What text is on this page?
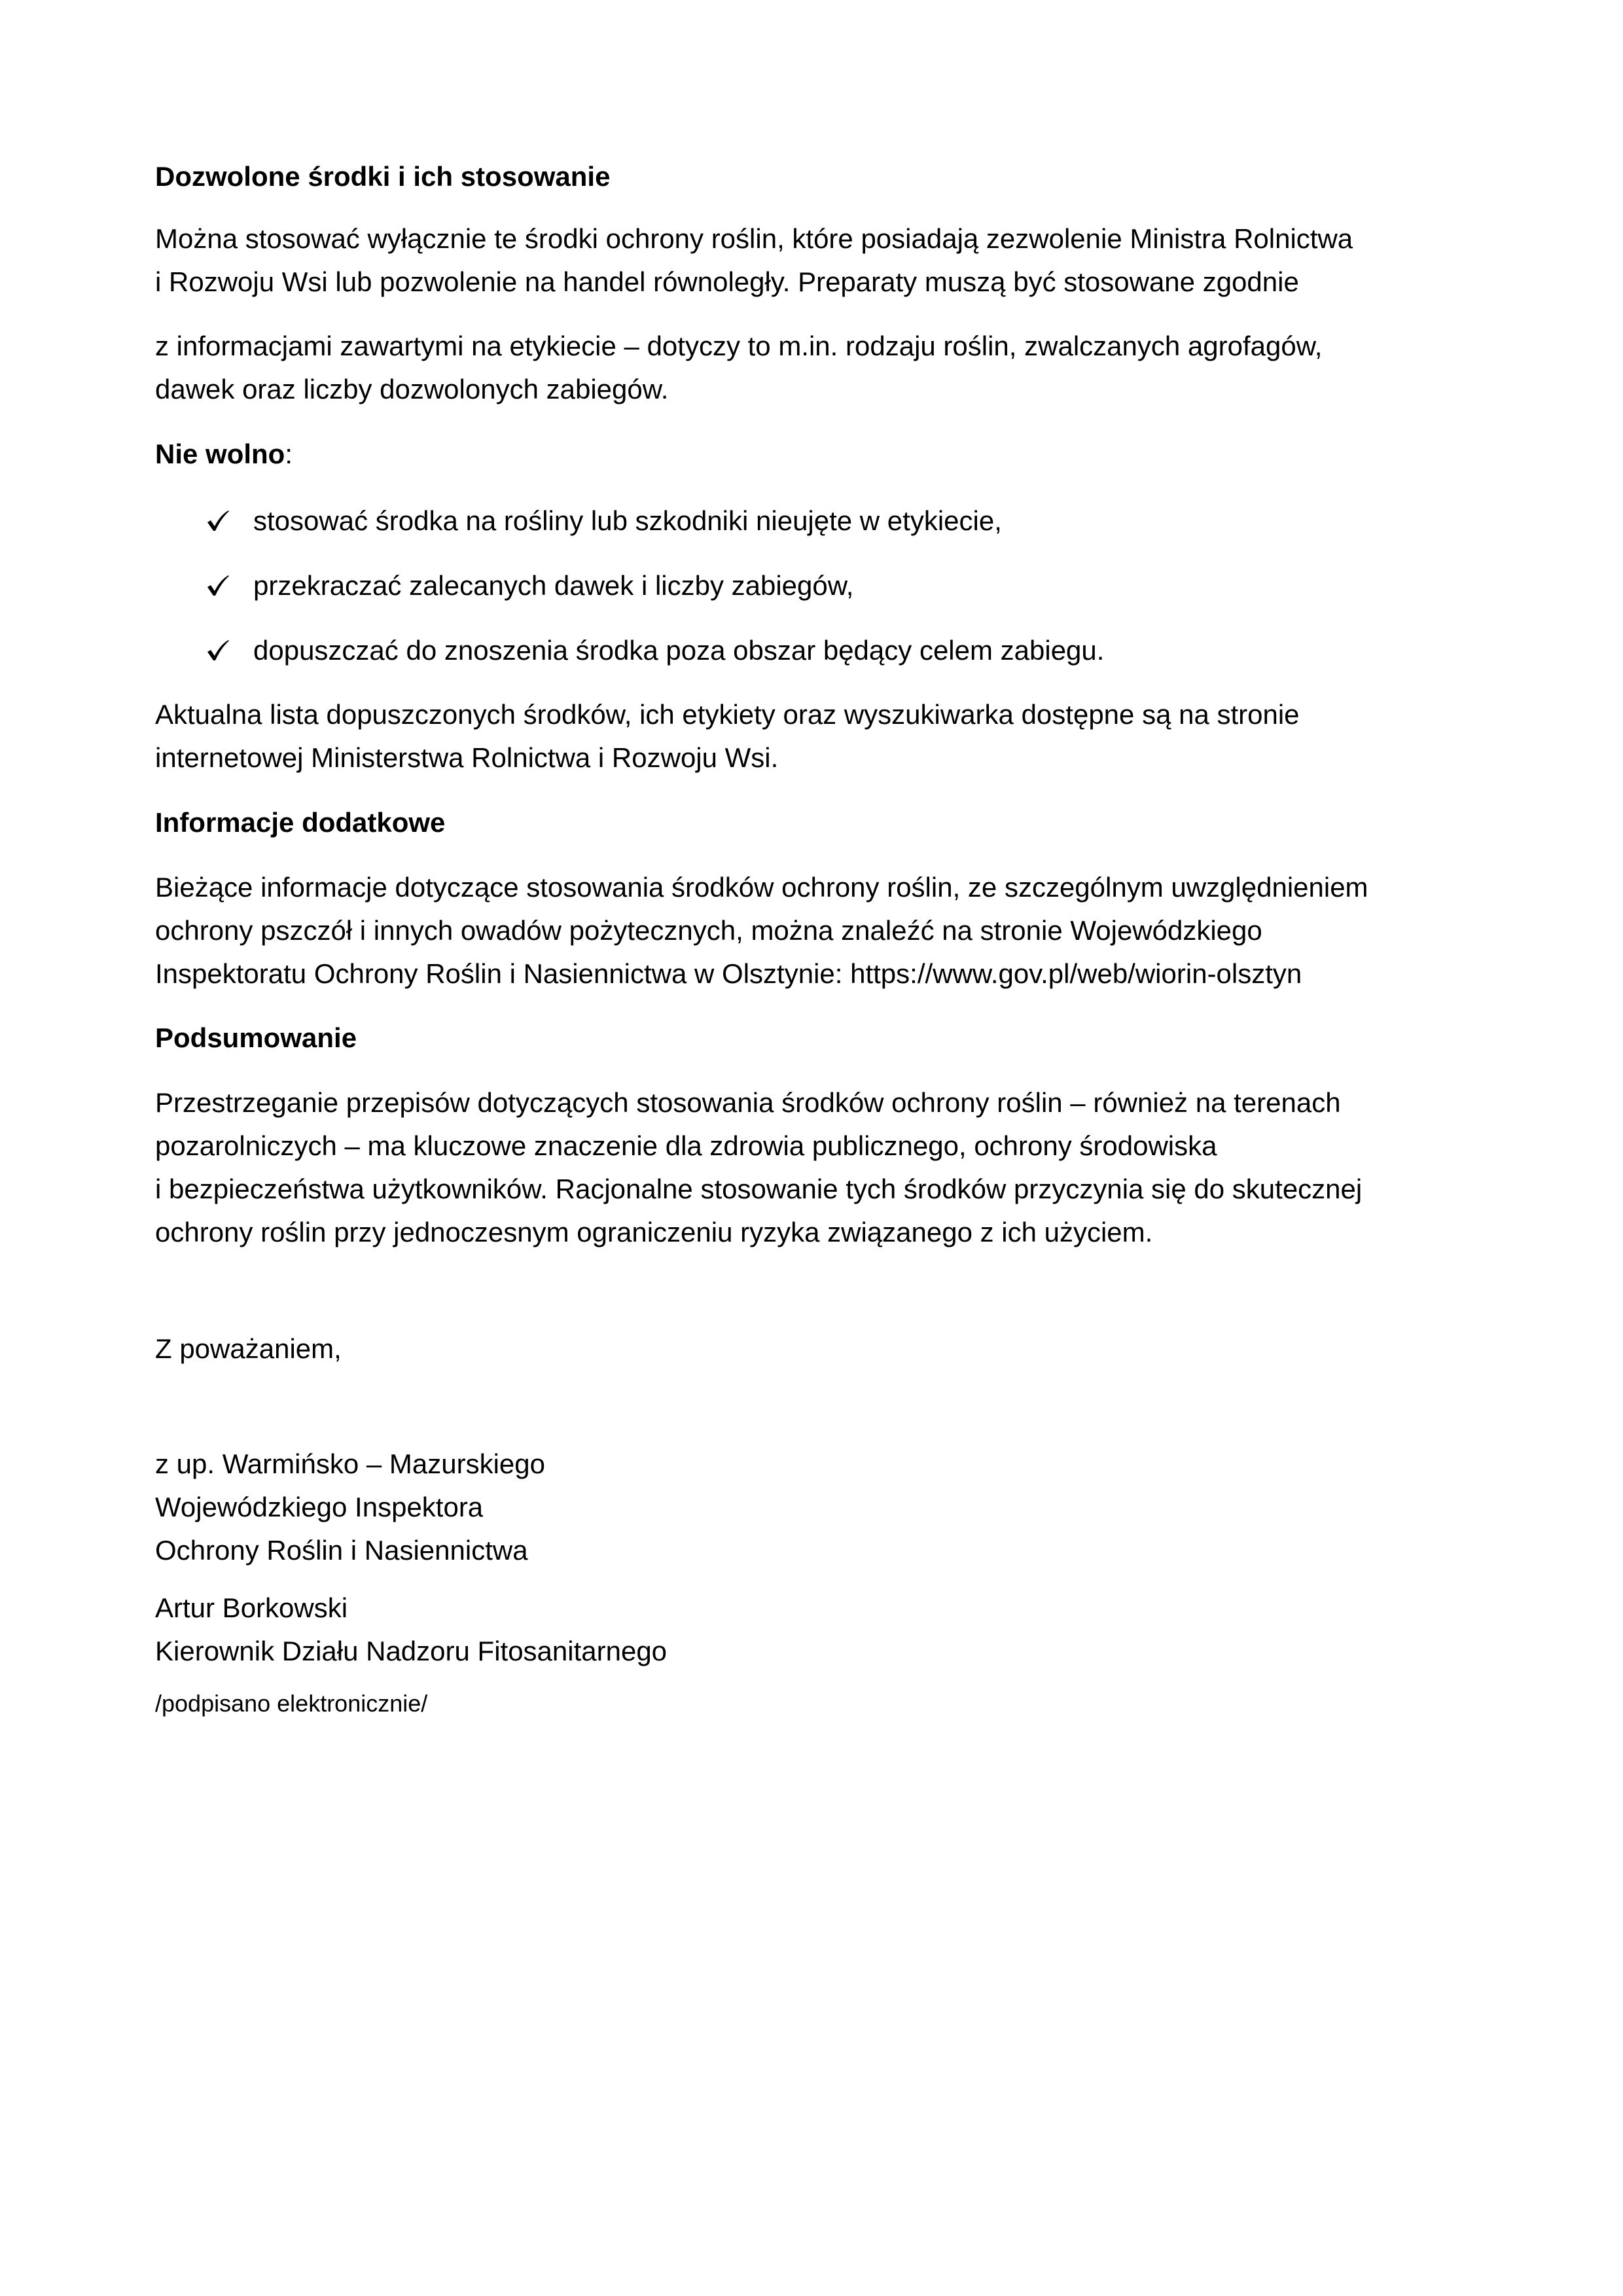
Dozwolone środki i ich stosowanie
Można stosować wyłącznie te środki ochrony roślin, które posiadają zezwolenie Ministra Rolnictwa
i Rozwoju Wsi lub pozwolenie na handel równoległy. Preparaty muszą być stosowane zgodnie
z informacjami zawartymi na etykiecie – dotyczy to m.in. rodzaju roślin, zwalczanych agrofagów,
dawek oraz liczby dozwolonych zabiegów.
Nie wolno:
stosować środka na rośliny lub szkodniki nieujęte w etykiecie,
przekraczać zalecanych dawek i liczby zabiegów,
dopuszczać do znoszenia środka poza obszar będący celem zabiegu.
Aktualna lista dopuszczonych środków, ich etykiety oraz wyszukiwarka dostępne są na stronie
internetowej Ministerstwa Rolnictwa i Rozwoju Wsi.
Informacje dodatkowe
Bieżące informacje dotyczące stosowania środków ochrony roślin, ze szczególnym uwzględnieniem
ochrony pszczół i innych owadów pożytecznych, można znaleźć na stronie Wojewódzkiego
Inspektoratu Ochrony Roślin i Nasiennictwa w Olsztynie: https://www.gov.pl/web/wiorin-olsztyn
Podsumowanie
Przestrzeganie przepisów dotyczących stosowania środków ochrony roślin – również na terenach
pozarolniczych – ma kluczowe znaczenie dla zdrowia publicznego, ochrony środowiska
i bezpieczeństwa użytkowników. Racjonalne stosowanie tych środków przyczynia się do skutecznej
ochrony roślin przy jednoczesnym ograniczeniu ryzyka związanego z ich użyciem.
Z poważaniem,
z up. Warmińsko – Mazurskiego
Wojewódzkiego Inspektora
Ochrony Roślin i Nasiennictwa
Artur Borkowski
Kierownik Działu Nadzoru Fitosanitarnego
/podpisano elektronicznie/
